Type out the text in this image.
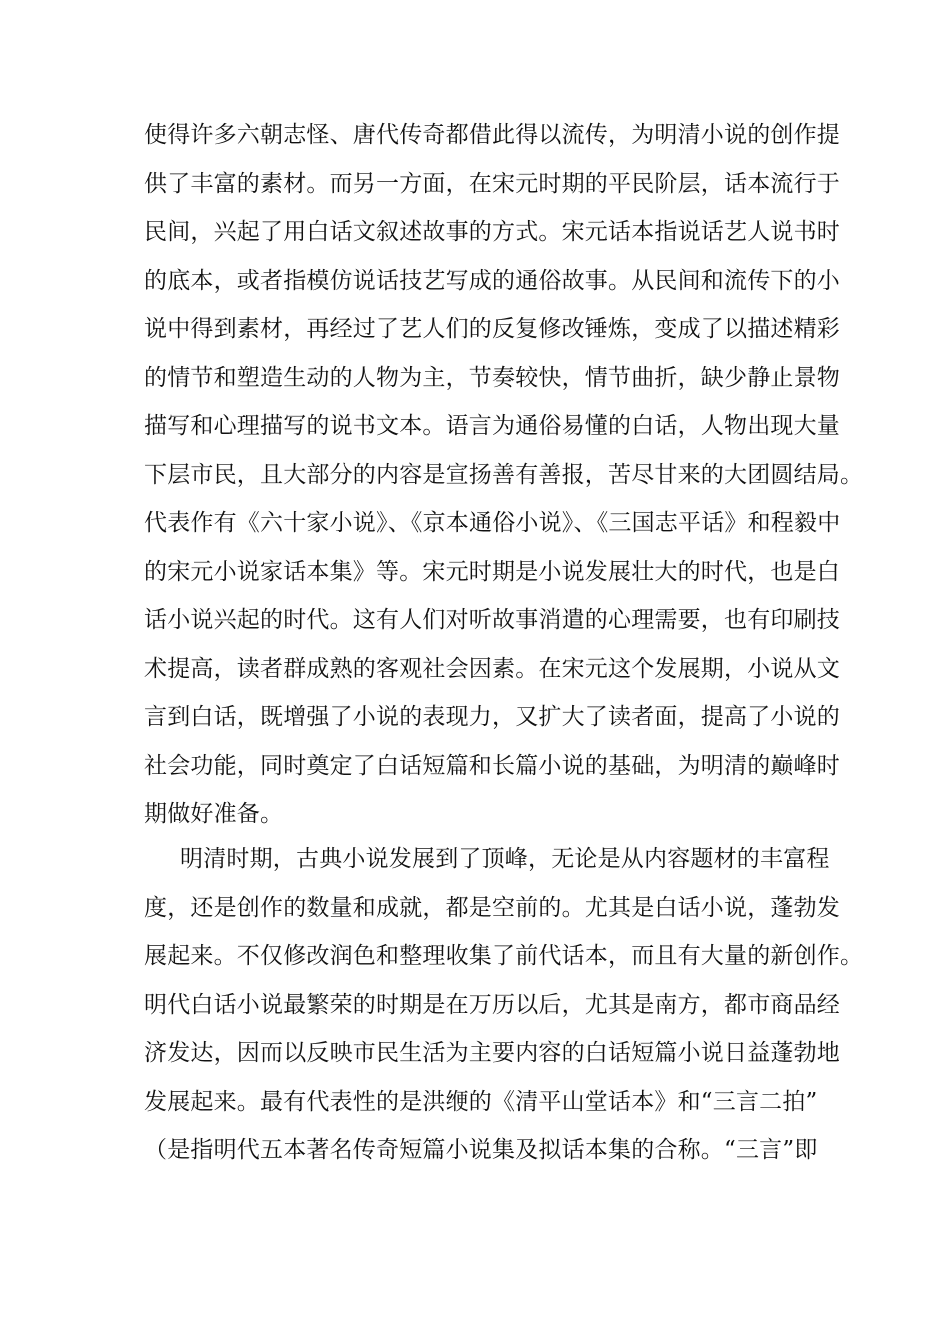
使得许多六朝志怪、唐代传奇都借此得以流传，为明清小说的创作提
供了丰富的素材。而另一方面，在宋元时期的平民阶层，话本流行于
民间，兴起了用白话文叙述故事的方式。宋元话本指说话艺人说书时
的底本，或者指模仿说话技艺写成的通俗故事。从民间和流传下的小
说中得到素材，再经过了艺人们的反复修改锤炼，变成了以描述精彩
的情节和塑造生动的人物为主，节奏较快，情节曲折，缺少静止景物
描写和心理描写的说书文本。语言为通俗易懂的白话，人物出现大量
下层市民，且大部分的内容是宣扬善有善报，苦尽甘来的大团圆结局。
代表作有《六十家小说》、《京本通俗小说》、《三国志平话》和程毅中
的宋元小说家话本集》等。宋元时期是小说发展壮大的时代，也是白
话小说兴起的时代。这有人们对听故事消遣的心理需要，也有印刷技
术提高，读者群成熟的客观社会因素。在宋元这个发展期，小说从文
言到白话，既增强了小说的表现力，又扩大了读者面，提高了小说的
社会功能，同时奠定了白话短篇和长篇小说的基础，为明清的巅峰时
期做好准备。
明清时期，古典小说发展到了顶峰，无论是从内容题材的丰富程
度，还是创作的数量和成就，都是空前的。尤其是白话小说，蓬勃发
展起来。不仅修改润色和整理收集了前代话本，而且有大量的新创作。
明代白话小说最繁荣的时期是在万历以后，尤其是南方，都市商品经
济发达，因而以反映市民生活为主要内容的白话短篇小说日益蓬勃地
发展起来。最有代表性的是洪缏的《清平山堂话本》和“三言二拍”
（是指明代五本著名传奇短篇小说集及拟话本集的合称。“三言”即
